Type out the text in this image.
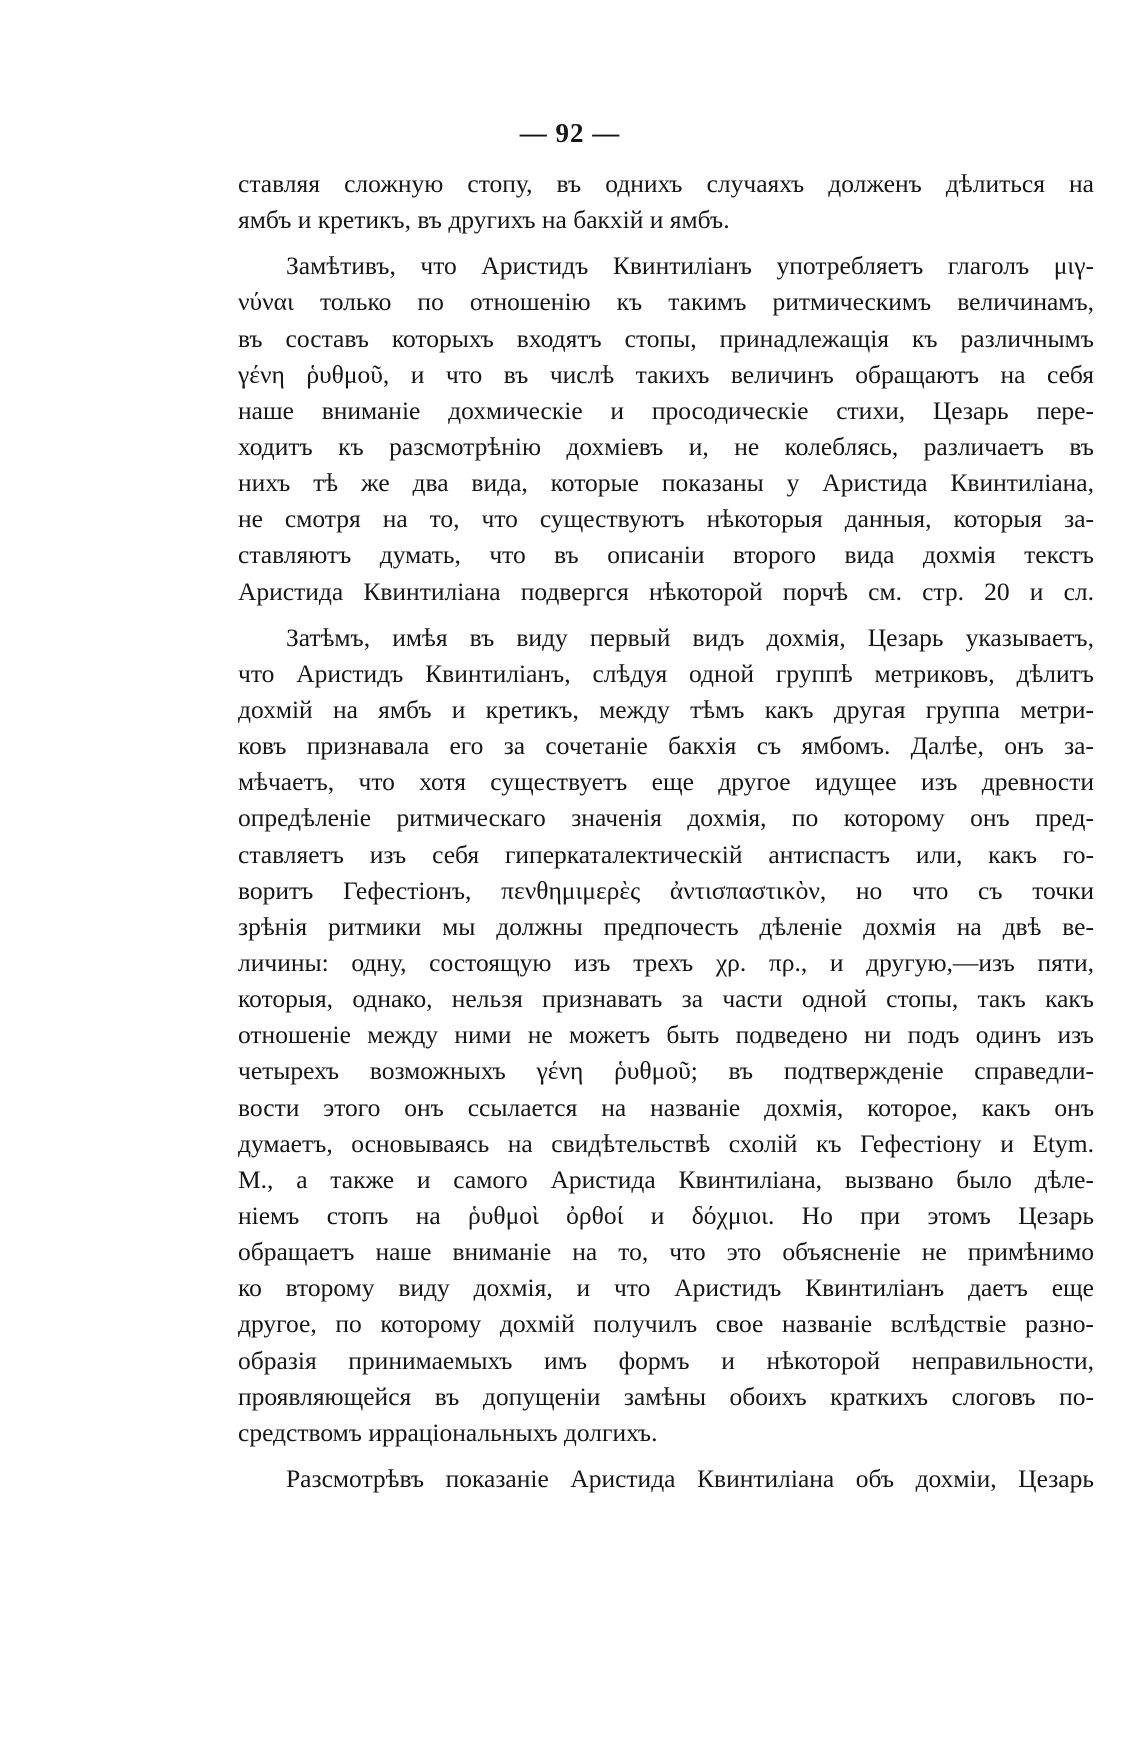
— 92 —
ставляя сложную стопу, въ однихъ случаяхъ долженъ дѣлиться на
ямбъ и кретикъ, въ другихъ на бакхій и ямбъ.
Замѣтивъ, что Аристидъ Квинтиліанъ употребляетъ глаголъ μιγ-
νύναι только по отношенію къ такимъ ритмическимъ величинамъ,
въ составъ которыхъ входятъ стопы, принадлежащія къ различнымъ
γένη ῥυθμοῦ, и что въ числѣ такихъ величинъ обращаютъ на себя
наше вниманіе дохмическіе и просодическіе стихи, Цезарь пере-
ходитъ къ разсмотрѣнію дохміевъ и, не колеблясь, различаетъ въ
нихъ тѣ же два вида, которые показаны у Аристида Квинтиліана,
не смотря на то, что существуютъ нѣкоторыя данныя, которыя за-
ставляютъ думать, что въ описаніи второго вида дохмія текстъ
Аристида Квинтиліана подвергся нѣкоторой порчѣ см. стр. 20 и сл.
Затѣмъ, имѣя въ виду первый видъ дохмія, Цезарь указываетъ,
что Аристидъ Квинтиліанъ, слѣдуя одной группѣ метриковъ, дѣлитъ
дохмій на ямбъ и кретикъ, между тѣмъ какъ другая группа метри-
ковъ признавала его за сочетаніе бакхія съ ямбомъ. Далѣе, онъ за-
мѣчаетъ, что хотя существуетъ еще другое идущее изъ древности
опредѣленіе ритмическаго значенія дохмія, по которому онъ пред-
ставляетъ изъ себя гиперкаталектическій антиспастъ или, какъ го-
воритъ Гефестіонъ, πενθημιμερὲς ἀντισπαστικὸν, но что съ точки
зрѣнія ритмики мы должны предпочесть дѣленіе дохмія на двѣ ве-
личины: одну, состоящую изъ трехъ χρ. πρ., и другую,—изъ пяти,
которыя, однако, нельзя признавать за части одной стопы, такъ какъ
отношеніе между ними не можетъ быть подведено ни подъ одинъ изъ
четырехъ возможныхъ γένη ῥυθμοῦ; въ подтвержденіе справедли-
вости этого онъ ссылается на названіе дохмія, которое, какъ онъ
думаетъ, основываясь на свидѣтельствѣ схолій къ Гефестіону и Etym.
M., а также и самого Аристида Квинтиліана, вызвано было дѣле-
ніемъ стопъ на ῥυθμοὶ ὀρθοί и δόχμιοι. Но при этомъ Цезарь
обращаетъ наше вниманіе на то, что это объясненіе не примѣнимо
ко второму виду дохмія, и что Аристидъ Квинтиліанъ даетъ еще
другое, по которому дохмій получилъ свое названіе вслѣдствіе разно-
образія принимаемыхъ имъ формъ и нѣкоторой неправильности,
проявляющейся въ допущеніи замѣны обоихъ краткихъ слоговъ по-
средствомъ ирраціональныхъ долгихъ.
Разсмотрѣвъ показаніе Аристида Квинтиліана объ дохміи, Цезарь
